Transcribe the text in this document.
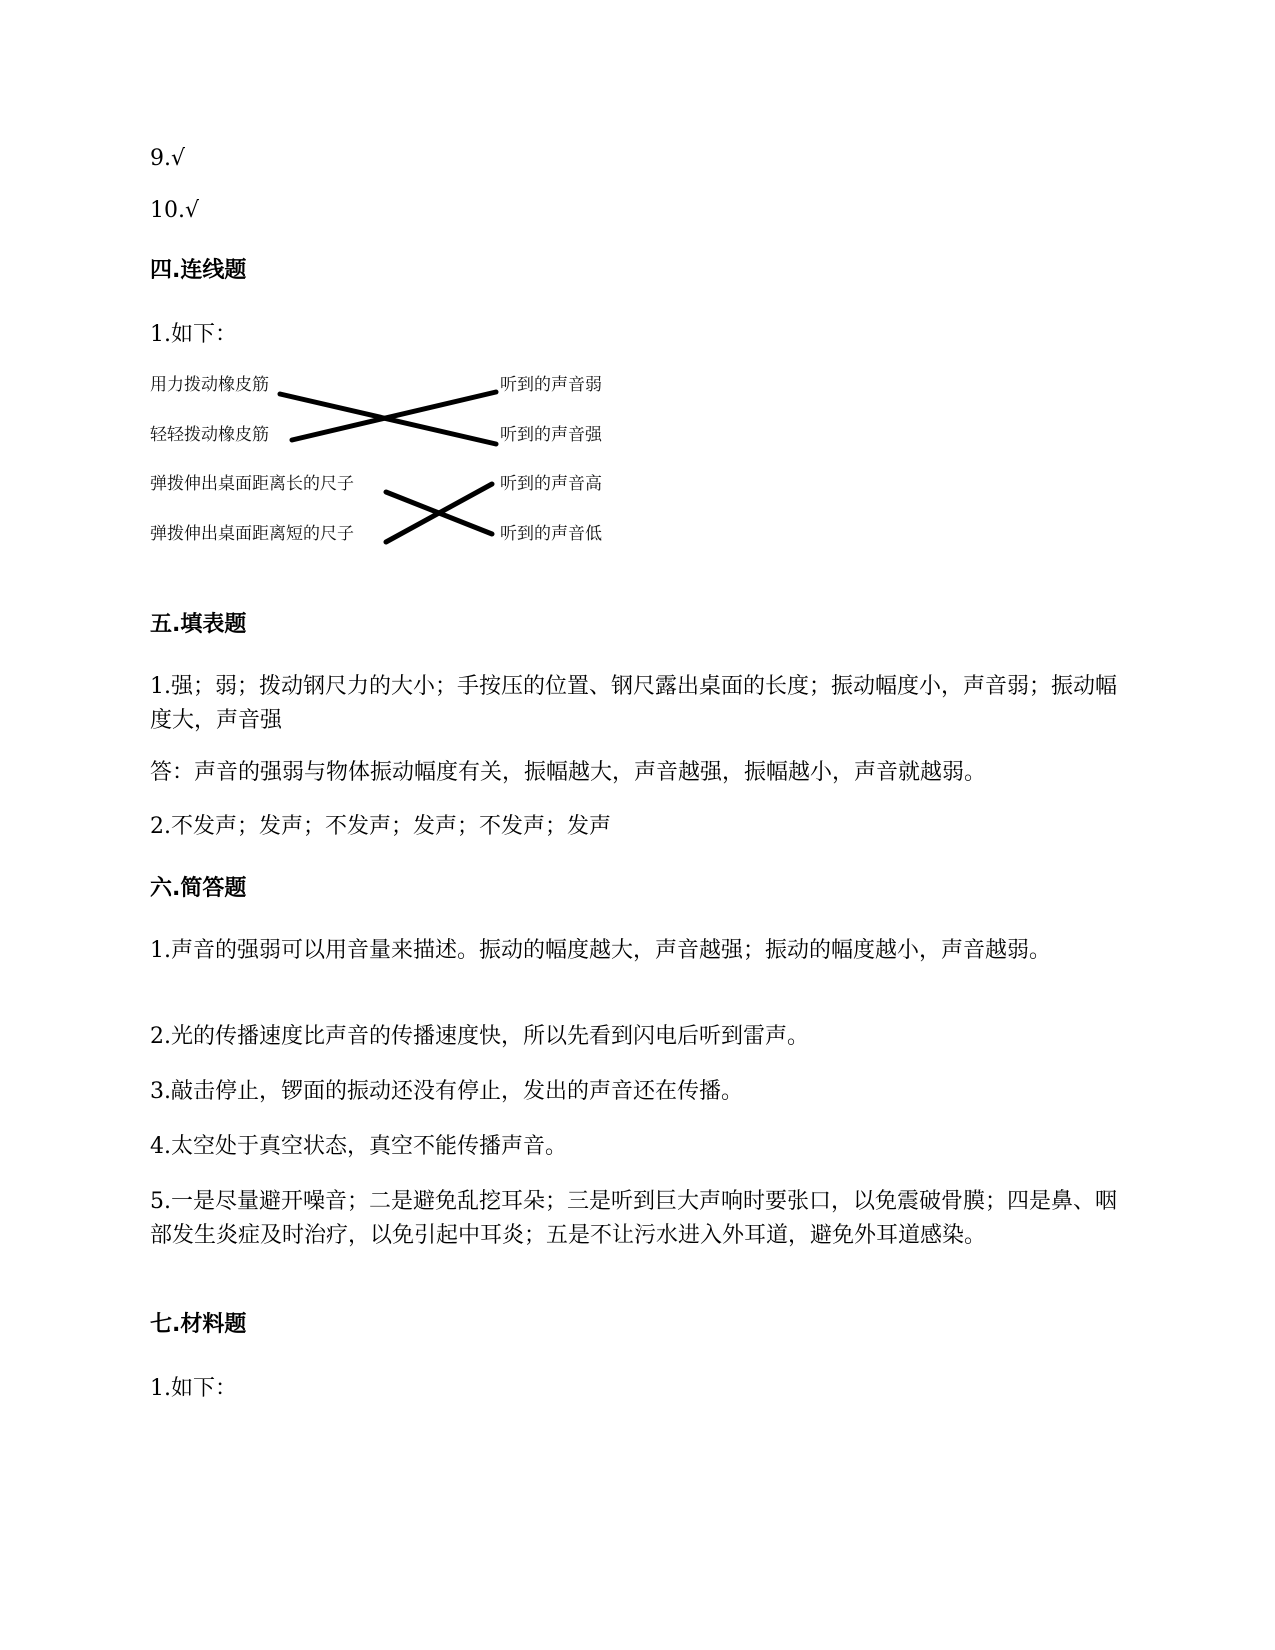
9.√
10.√
四.连线题
1.如下：
用力拨动橡皮筋
轻轻拨动橡皮筋
弹拨伸出桌面距离长的尺子
弹拨伸出桌面距离短的尺子
听到的声音弱
听到的声音强
听到的声音高
听到的声音低
五.填表题
1.强；弱；拨动钢尺力的大小；手按压的位置、钢尺露出桌面的长度；振动幅度小，声音弱；振动幅度大，声音强
答：声音的强弱与物体振动幅度有关，振幅越大，声音越强，振幅越小，声音就越弱。
2.不发声；发声；不发声；发声；不发声；发声
六.简答题
1.声音的强弱可以用音量来描述。振动的幅度越大，声音越强；振动的幅度越小，声音越弱。
2.光的传播速度比声音的传播速度快，所以先看到闪电后听到雷声。
3.敲击停止，锣面的振动还没有停止，发出的声音还在传播。
4.太空处于真空状态，真空不能传播声音。
5.一是尽量避开噪音；二是避免乱挖耳朵；三是听到巨大声响时要张口，以免震破骨膜；四是鼻、咽部发生炎症及时治疗，以免引起中耳炎；五是不让污水进入外耳道，避免外耳道感染。
七.材料题
1.如下：
